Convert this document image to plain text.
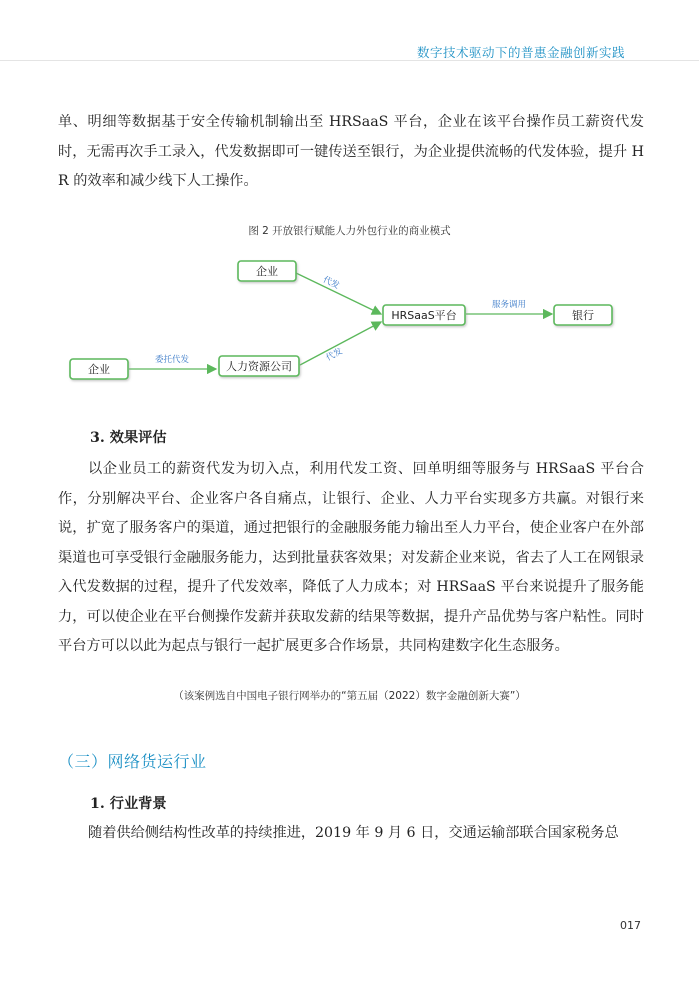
数字技术驱动下的普惠金融创新实践

单、明细等数据基于安全传输机制输出至 HRSaaS 平台，企业在该平台操作员工薪资代发时，无需再次手工录入，代发数据即可一键传送至银行，为企业提供流畅的代发体验，提升 HR 的效率和减少线下人工操作。

图 2 开放银行赋能人力外包行业的商业模式
代发
代发
服务调用
委托代发
企业
HRSaaS平台	银行
企业	人力资源公司
3. 效果评估

以企业员工的薪资代发为切入点，利用代发工资、回单明细等服务与 HRSaaS 平台合作，分别解决平台、企业客户各自痛点，让银行、企业、人力平台实现多方共赢。对银行来说，扩宽了服务客户的渠道，通过把银行的金融服务能力输出至人力平台，使企业客户在外部渠道也可享受银行金融服务能力，达到批量获客效果；对发薪企业来说，省去了人工在网银录入代发数据的过程，提升了代发效率，降低了人力成本；对 HRSaaS 平台来说提升了服务能力，可以使企业在平台侧操作发薪并获取发薪的结果等数据，提升产品优势与客户粘性。同时平台方可以以此为起点与银行一起扩展更多合作场景，共同构建数字化生态服务。

（该案例选自中国电子银行网举办的“第五届（2022）数字金融创新大赛”）
（三）网络货运行业
1. 行业背景

随着供给侧结构性改革的持续推进，2019 年 9 月 6 日，交通运输部联合国家税务总

017
